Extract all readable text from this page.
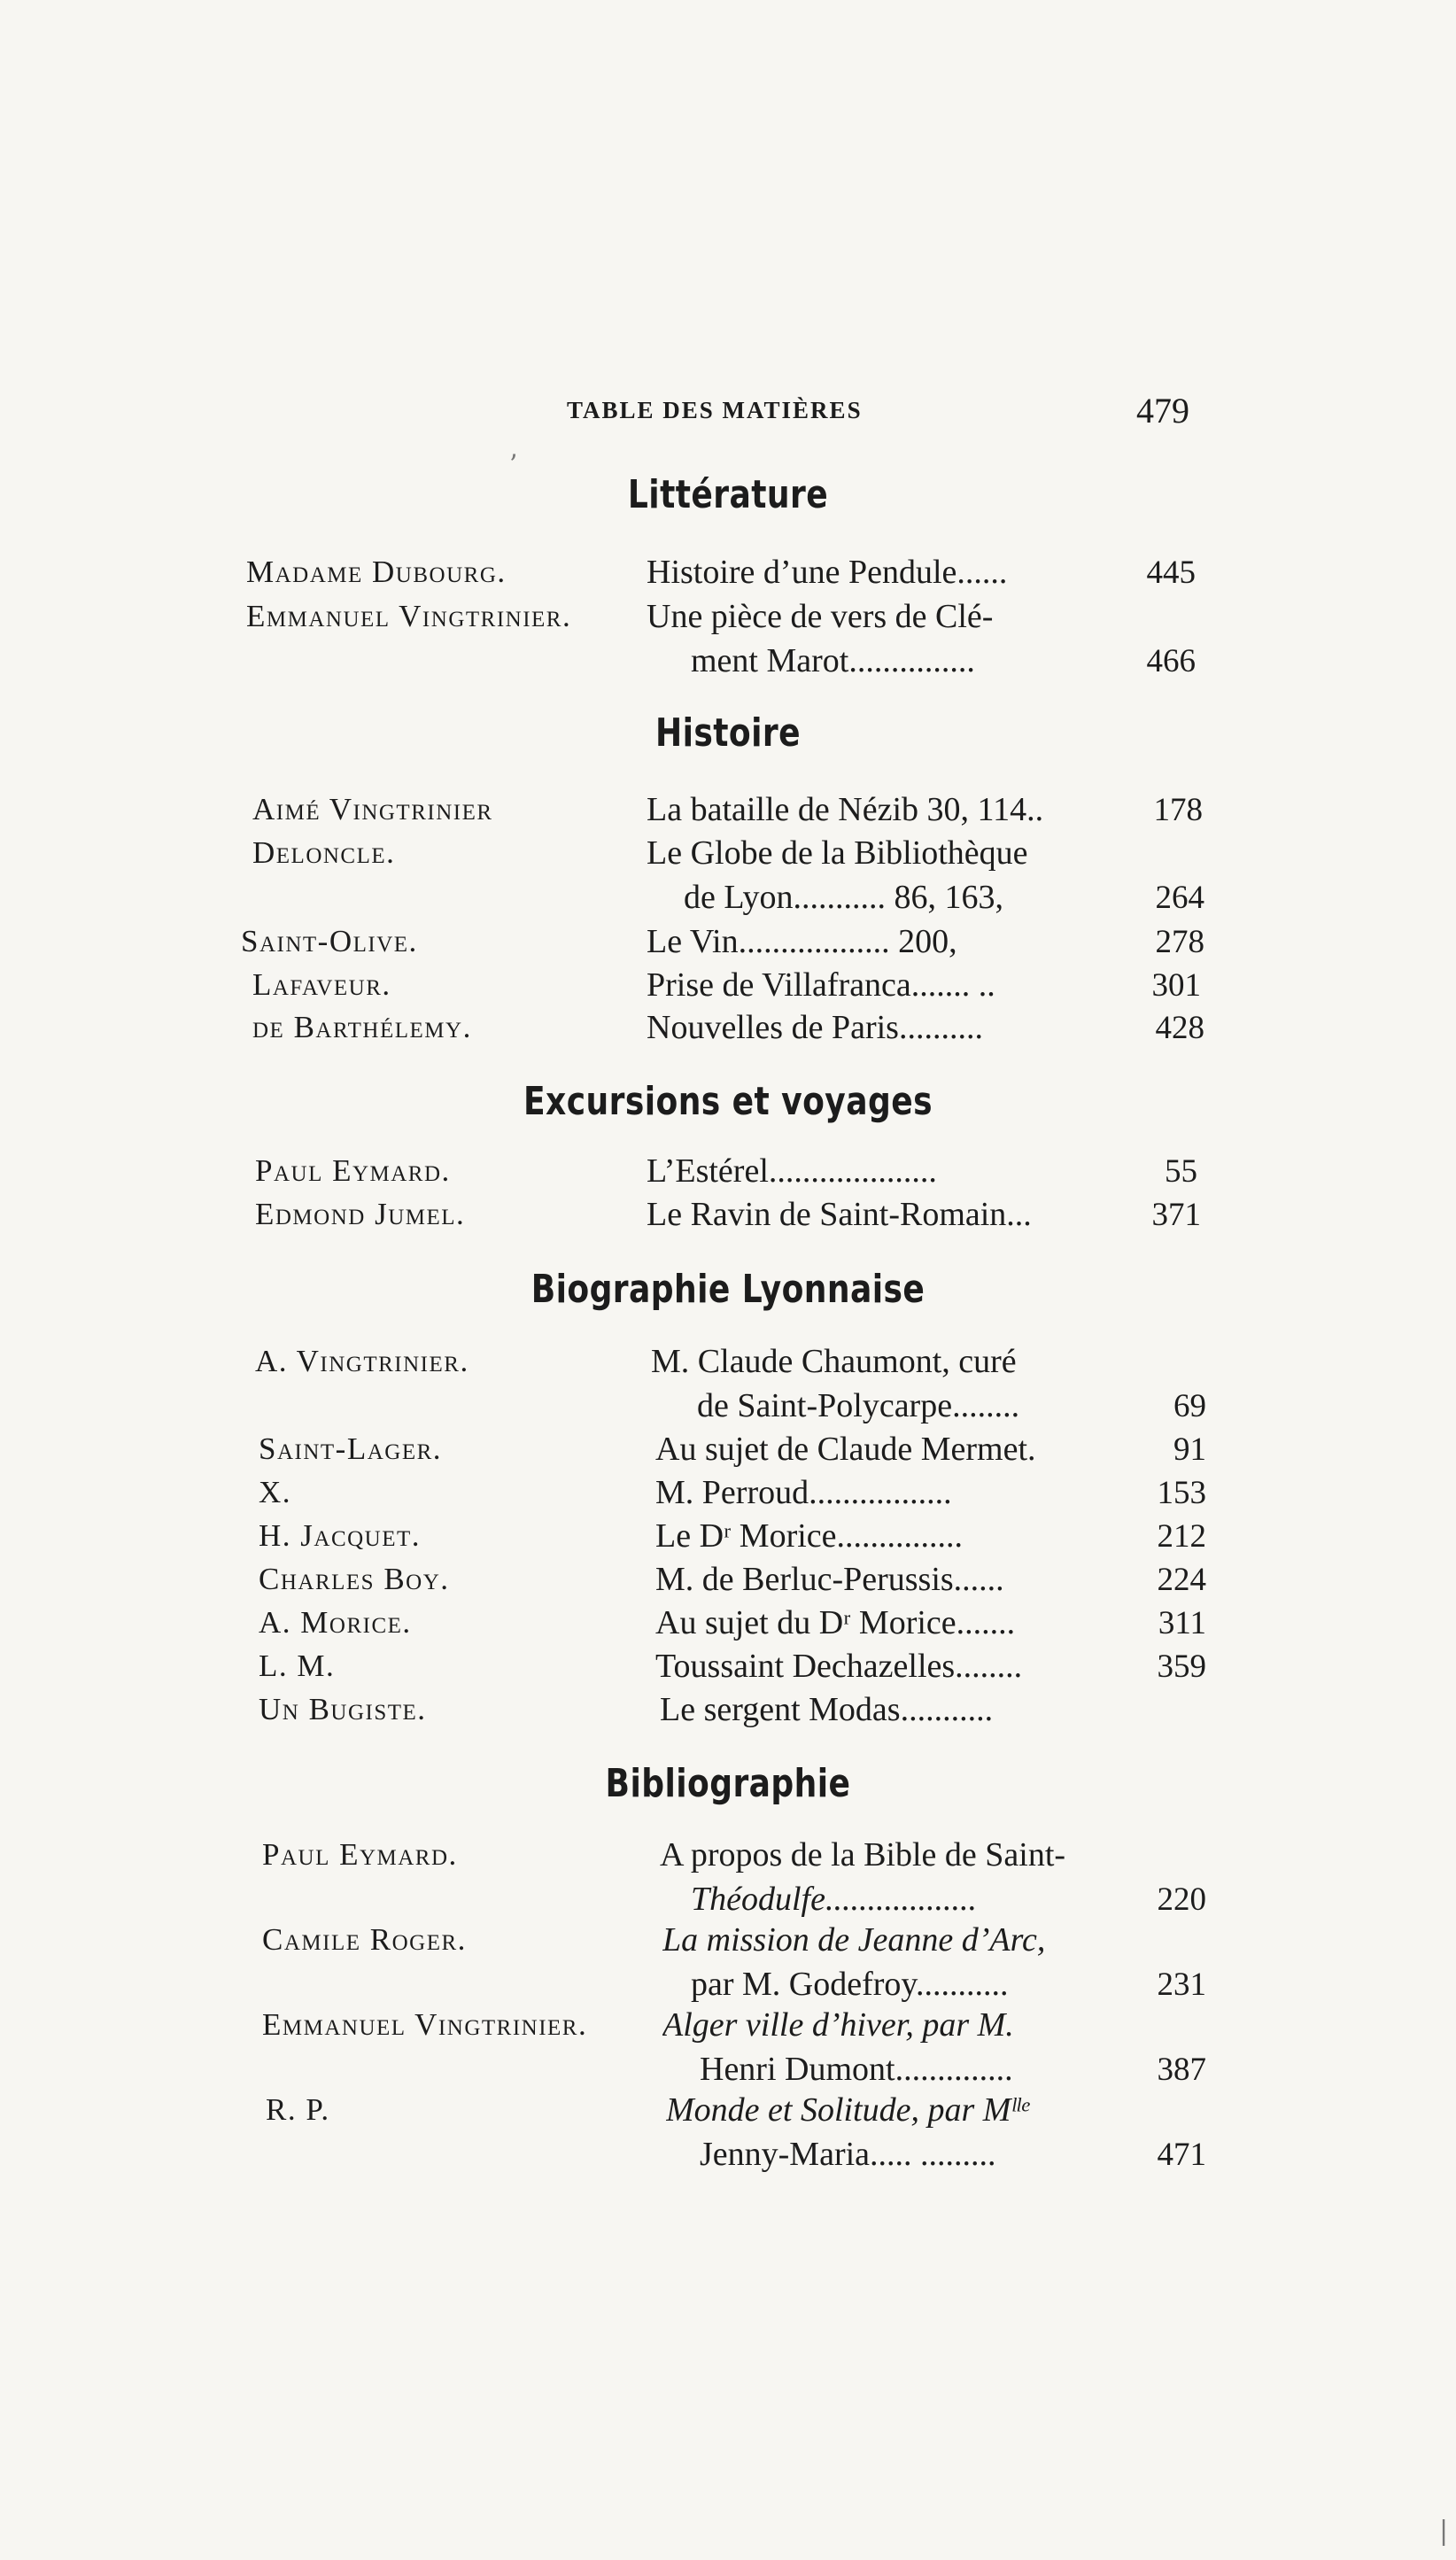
TABLE DES MATIÈRES	479
Littérature
Madame Dubourg.	Histoire d’une Pendule......	445
Emmanuel Vingtrinier. Une pièce de vers de Clé-
ment Marot...............	466
Histoire
Aimé Vingtrinier	La bataille de Nézib 30, 114..	178
Deloncle.	Le Globe de la Bibliothèque
de Lyon........... 86, 163,	264
Saint-Olive.	Le Vin.................. 200,	278
Lafaveur.	Prise de Villafranca....... ..	301
de Barthélemy.	Nouvelles de Paris..........	428
Excursions et voyages
Paul Eymard.	L’Estérel....................	55
Edmond Jumel.	Le Ravin de Saint-Romain...	371
Biographie Lyonnaise
A. Vingtrinier.	M. Claude Chaumont, curé
de Saint-Polycarpe........	69
Saint-Lager.	Au sujet de Claude Mermet.	91
X.	M. Perroud.................	153
H. Jacquet.	Le Dʳ Morice...............	212
Charles Boy.	M. de Berluc-Perussis......	224
A. Morice.	Au sujet du Dʳ Morice.......	311
L. M.	Toussaint Dechazelles........	359
Un Bugiste.	Le sergent Modas...........
Bibliographie
Paul Eymard.	A propos de la Bible de Saint-
Théodulfe..................	220
Camile Roger.	La mission de Jeanne d’Arc,
par M. Godefroy...........	231
Emmanuel Vingtrinier. Alger ville d’hiver, par M.
Henri Dumont..............	387
R. P.	Monde et Solitude, par Mˡˡᵉ
Jenny-Maria..... .........	471
ʼ
|
